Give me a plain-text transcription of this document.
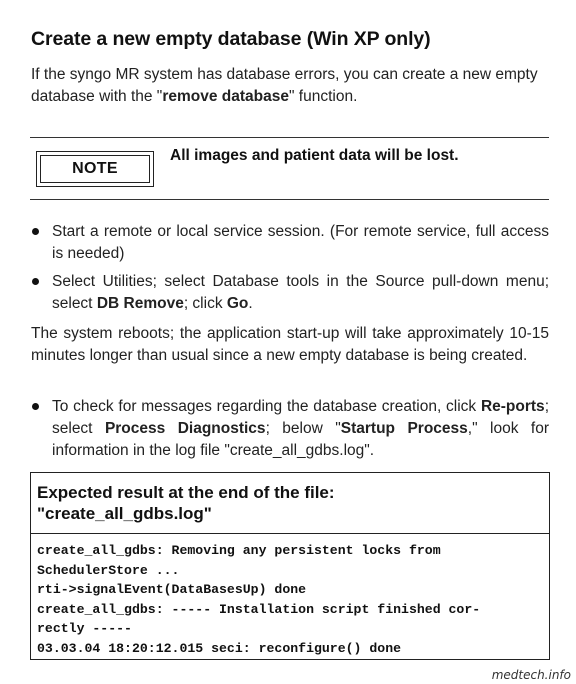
Create a new empty database (Win XP only)
If the syngo MR system has database errors, you can create a new empty database with the "remove database" function.
NOTE
All images and patient data will be lost.
Start a remote or local service session. (For remote service, full access is needed)
Select Utilities; select Database tools in the Source pull-down menu; select DB Remove; click Go.
The system reboots; the application start-up will take approximately 10-15 minutes longer than usual since a new empty database is being created.
To check for messages regarding the database creation, click Re-ports; select Process Diagnostics; below "Startup Process," look for information in the log file "create_all_gdbs.log".
Expected result at the end of the file:
"create_all_gdbs.log"
create_all_gdbs: Removing any persistent locks from
SchedulerStore ...
rti->signalEvent(DataBasesUp) done
create_all_gdbs: ----- Installation script finished cor-
rectly -----
03.03.04 18:20:12.015 seci: reconfigure() done
medtech.info
